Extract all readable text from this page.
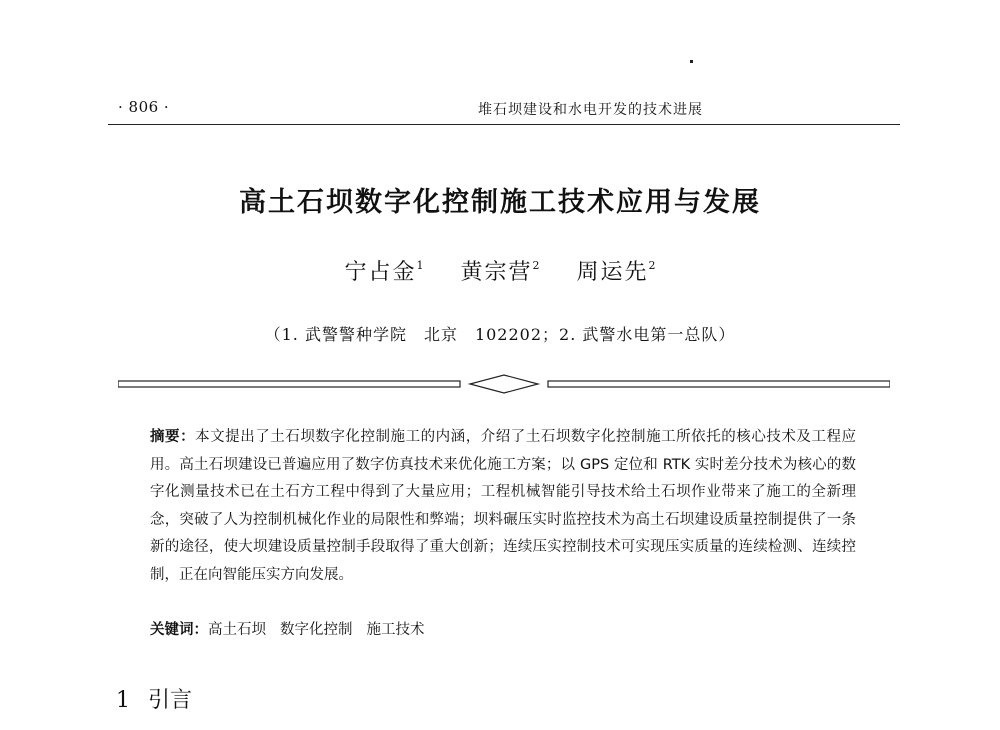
· 806 ·	堆石坝建设和水电开发的技术进展
高土石坝数字化控制施工技术应用与发展
宁占金$^1$ 黄宗营$^2$ 周运先$^2$
（1. 武警警种学院　北京　102202；2. 武警水电第一总队）
摘要：本文提出了土石坝数字化控制施工的内涵，介绍了土石坝数字化控制施工所依托的核心技术及工程应用。高土石坝建设已普遍应用了数字仿真技术来优化施工方案；以 GPS 定位和 RTK 实时差分技术为核心的数字化测量技术已在土石方工程中得到了大量应用；工程机械智能引导技术给土石坝作业带来了施工的全新理念，突破了人为控制机械化作业的局限性和弊端；坝料碾压实时监控技术为高土石坝建设质量控制提供了一条新的途径，使大坝建设质量控制手段取得了重大创新；连续压实控制技术可实现压实质量的连续检测、连续控制，正在向智能压实方向发展。
关键词：高土石坝 数字化控制 施工技术
1 引言
